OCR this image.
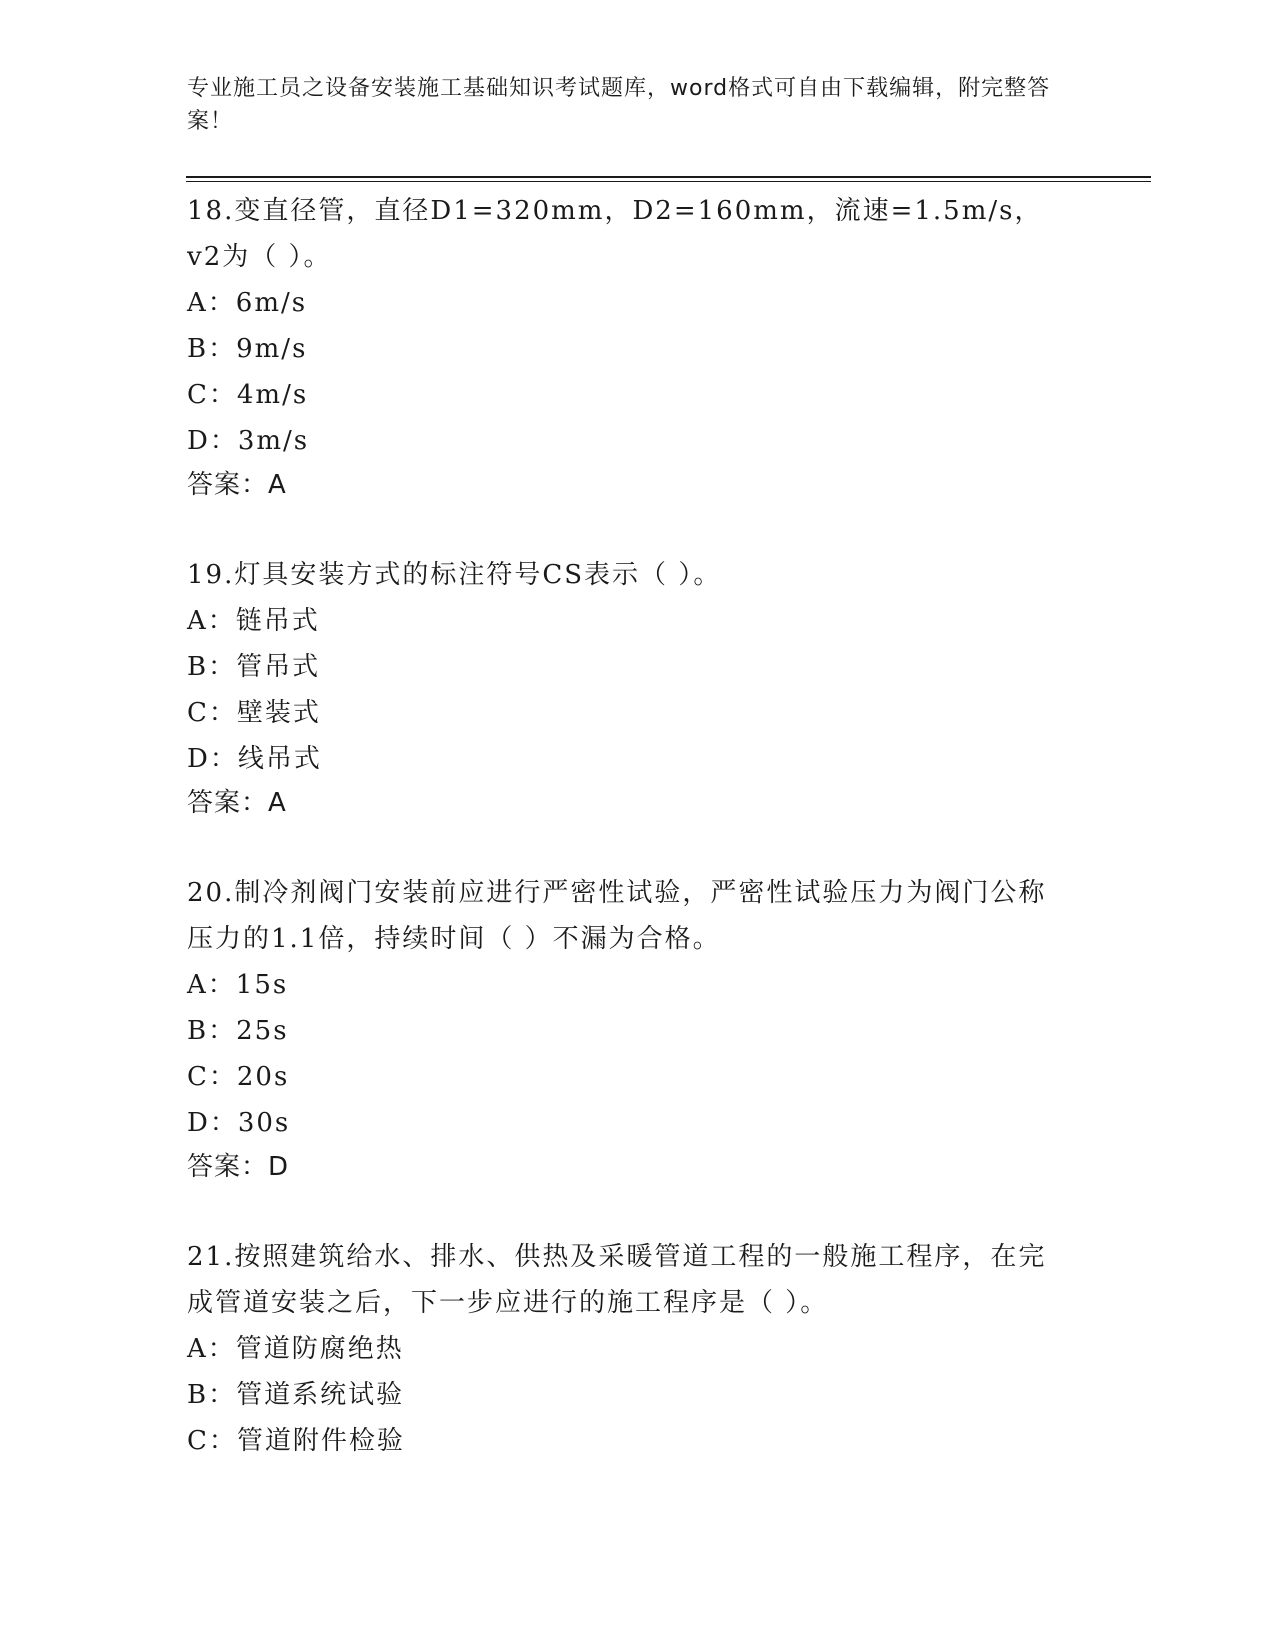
专业施工员之设备安装施工基础知识考试题库，word格式可自由下载编辑，附完整答案！

18.变直径管，直径D1=320mm，D2=160mm，流速=1.5m/s，v2为（ ）。

A：6m/s

B：9m/s

C：4m/s

D：3m/s

答案：A

19.灯具安装方式的标注符号CS表示（ ）。

A：链吊式

B：管吊式

C：壁装式

D：线吊式

答案：A

20.制冷剂阀门安装前应进行严密性试验，严密性试验压力为阀门公称压力的1.1倍，持续时间（ ）不漏为合格。

A：15s

B：25s

C：20s

D：30s

答案：D

21.按照建筑给水、排水、供热及采暖管道工程的一般施工程序，在完成管道安装之后，下一步应进行的施工程序是（ ）。

A：管道防腐绝热

B：管道系统试验

C：管道附件检验
